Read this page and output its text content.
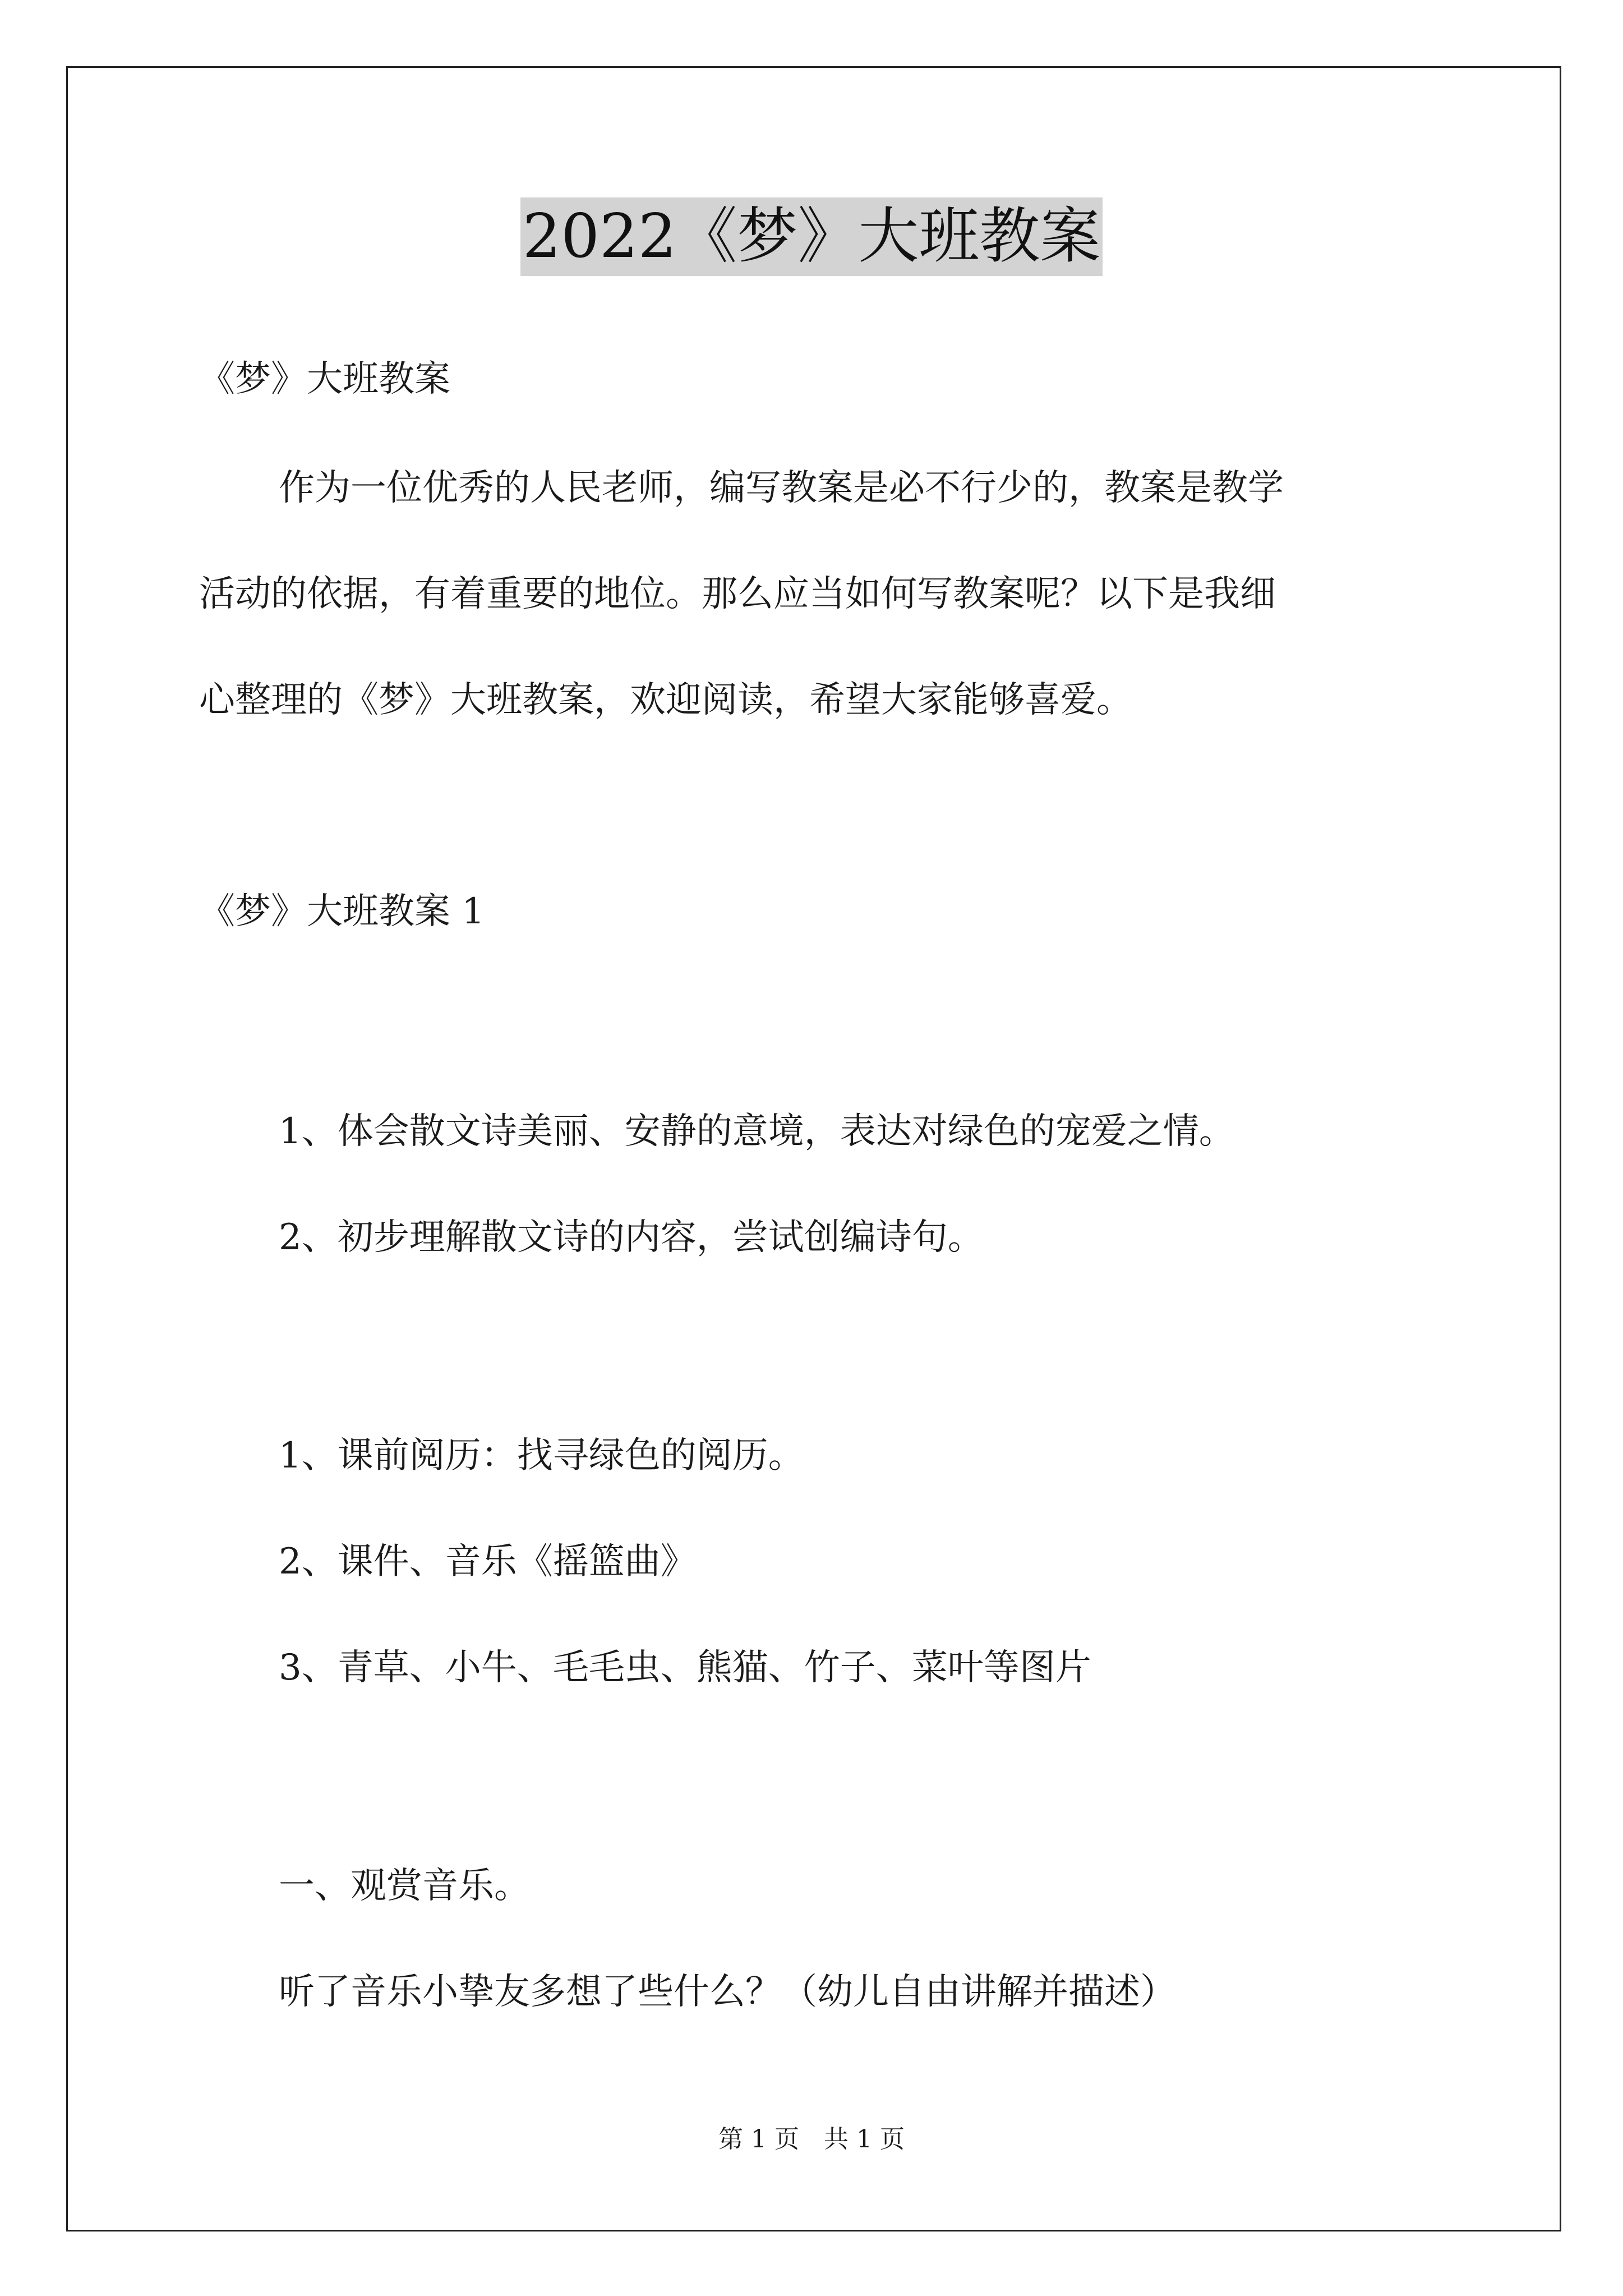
2022《梦》大班教案
《梦》大班教案
作为一位优秀的人民老师，编写教案是必不行少的，教案是教学
活动的依据，有着重要的地位。那么应当如何写教案呢？以下是我细
心整理的《梦》大班教案，欢迎阅读，希望大家能够喜爱。
《梦》大班教案 1
1、体会散文诗美丽、安静的意境，表达对绿色的宠爱之情。
2、初步理解散文诗的内容，尝试创编诗句。
1、课前阅历：找寻绿色的阅历。
2、课件、音乐《摇篮曲》
3、青草、小牛、毛毛虫、熊猫、竹子、菜叶等图片
一、观赏音乐。
听了音乐小挚友多想了些什么？（幼儿自由讲解并描述）
第 1 页　共 1 页
